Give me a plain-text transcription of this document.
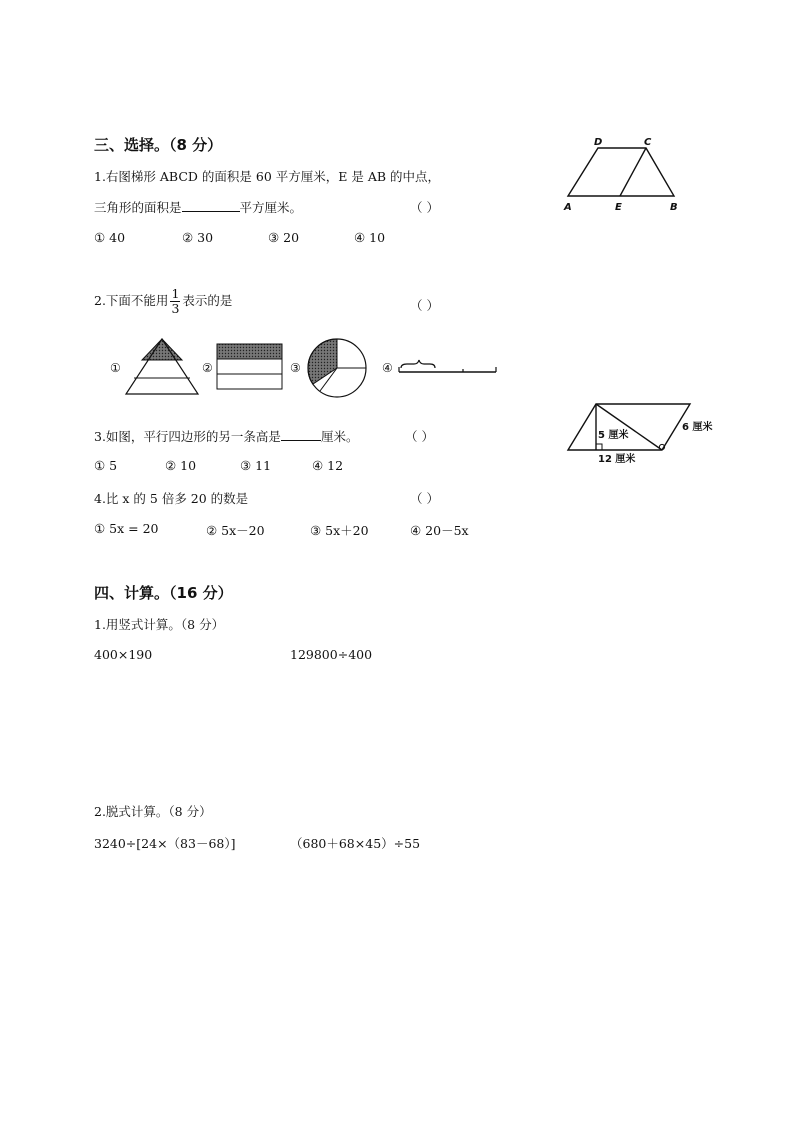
三、选择。（8 分）
1.右图梯形 ABCD 的面积是 60 平方厘米，E 是 AB 的中点，
三角形的面积是	平方厘米。	（ ）
① 40	② 30	③ 20	④ 10
D	C
A	E	B
2.下面不能用 $\frac{1}{3}$ 表示的是	（ ）
①	②	③	④
5 厘米
6 厘米
12 厘米
3.如图，平行四边形的另一条高是	厘米。	（ ）
① 5	② 10	③ 11	④ 12
4.比 x 的 5 倍多 20 的数是	（ ）
① 5x = 20	② 5x－20	③ 5x＋20	④ 20－5x
四、计算。（16 分）
1.用竖式计算。（8 分）
400×190	129800÷400
2.脱式计算。（8 分）
3240÷[24×（83－68）]	（680＋68×45）÷55
